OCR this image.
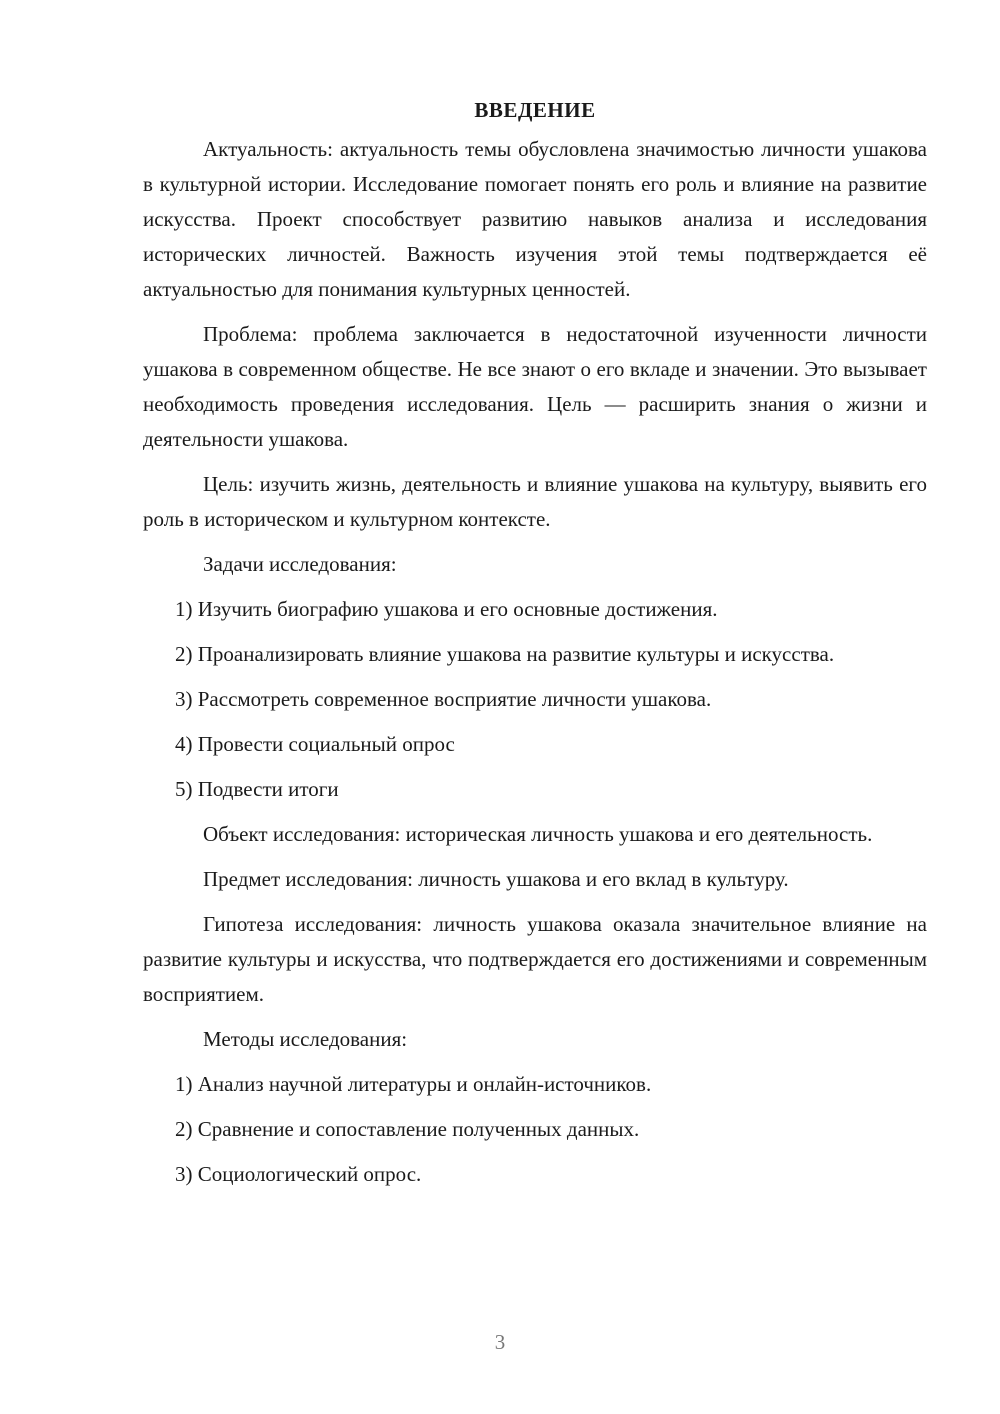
ВВЕДЕНИЕ

Актуальность: актуальность темы обусловлена значимостью личности ушакова в культурной истории. Исследование помогает понять его роль и влияние на развитие искусства. Проект способствует развитию навыков анализа и исследования исторических личностей. Важность изучения этой темы подтверждается её актуальностью для понимания культурных ценностей.

Проблема: проблема заключается в недостаточной изученности личности ушакова в современном обществе. Не все знают о его вкладе и значении. Это вызывает необходимость проведения исследования. Цель — расширить знания о жизни и деятельности ушакова.

Цель: изучить жизнь, деятельность и влияние ушакова на культуру, выявить его роль в историческом и культурном контексте.

Задачи исследования:

1) Изучить биографию ушакова и его основные достижения.

2) Проанализировать влияние ушакова на развитие культуры и искусства.

3) Рассмотреть современное восприятие личности ушакова.

4) Провести социальный опрос

5) Подвести итоги

Объект исследования: историческая личность ушакова и его деятельность.

Предмет исследования: личность ушакова и его вклад в культуру.

Гипотеза исследования: личность ушакова оказала значительное влияние на развитие культуры и искусства, что подтверждается его достижениями и современным восприятием.

Методы исследования:

1) Анализ научной литературы и онлайн-источников.

2) Сравнение и сопоставление полученных данных.

3) Социологический опрос.

3
